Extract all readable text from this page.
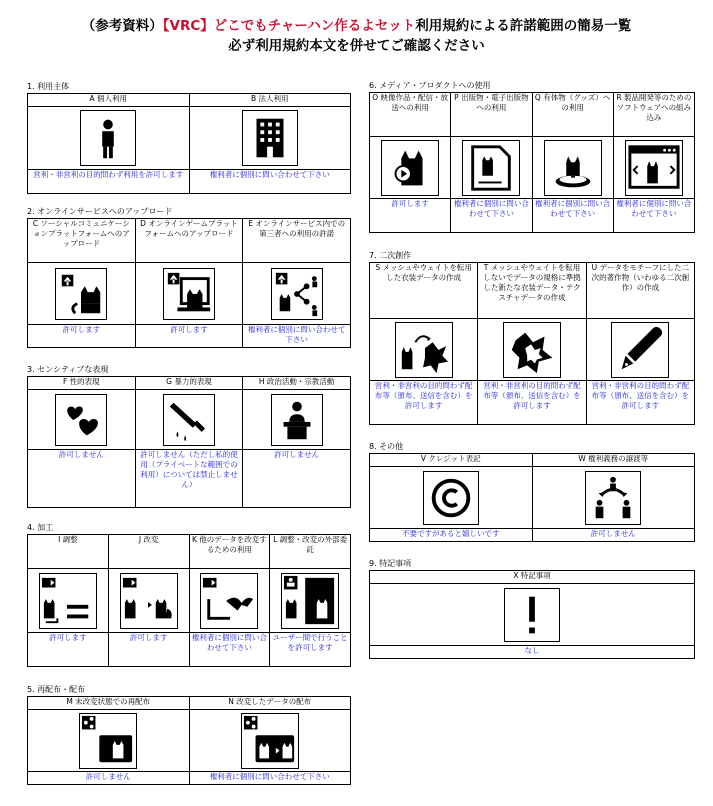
（参考資料）【VRC】どこでもチャーハン作るよセット利用規約による許諾範囲の簡易一覧
必ず利用規約本文を併せてご確認ください
1. 利用主体
A 個人利用	B 法人利用

営利・非営利の目的問わず利用を許可します	権利者に個別に問い合わせて下さい
2. オンラインサービスへのアップロード
C ソーシャルコミュニケーションプラットフォームへのアップロード	D オンラインゲームプラットフォームへのアップロード	E オンラインサービス内での第三者への利用の許諾

許可します	許可します	権利者に個別に問い合わせて下さい
3. センシティブな表現
F 性的表現	G 暴力的表現	H 政治活動・宗教活動

許可しません	許可しません（ただし私的使用（プライベートな範囲での利用）については禁止しません）	許可しません
4. 加工
I 調整	J 改変	K 他のデータを改変するための利用	L 調整・改変の外部委託

許可します	許可します	権利者に個別に問い合わせて下さい	ユーザー間で行うことを許可します
5. 再配布・配布
M 未改変状態での再配布	N 改変したデータの配布

許可しません	権利者に個別に問い合わせて下さい
6. メディア・プロダクトへの使用
O 映像作品・配信・放送への利用	P 出版物・電子出版物への利用	Q 有体物（グッズ）への利用	R 製品開発等のためのソフトウェアへの組み込み

許可します	権利者に個別に問い合わせて下さい	権利者に個別に問い合わせて下さい	権利者に個別に問い合わせて下さい
7. 二次創作
S メッシュやウェイトを転用した衣装データの作成	T メッシュやウェイトを転用しないでデータの規格に準拠した新たな衣装データ・テクスチャデータの作成	U データをモチーフにした二次的著作物（いわゆる二次創作）の作成

営利・非営利の目的問わず配布等（頒布、送信を含む）を許可します	営利・非営利の目的問わず配布等（頒布、送信を含む）を許可します	営利・非営利の目的問わず配布等（頒布、送信を含む）を許可します
8. その他
V クレジット表記	W 権利義務の譲渡等

不要ですがあると嬉しいです	許可しません
9. 特記事項
X 特記事項

なし
